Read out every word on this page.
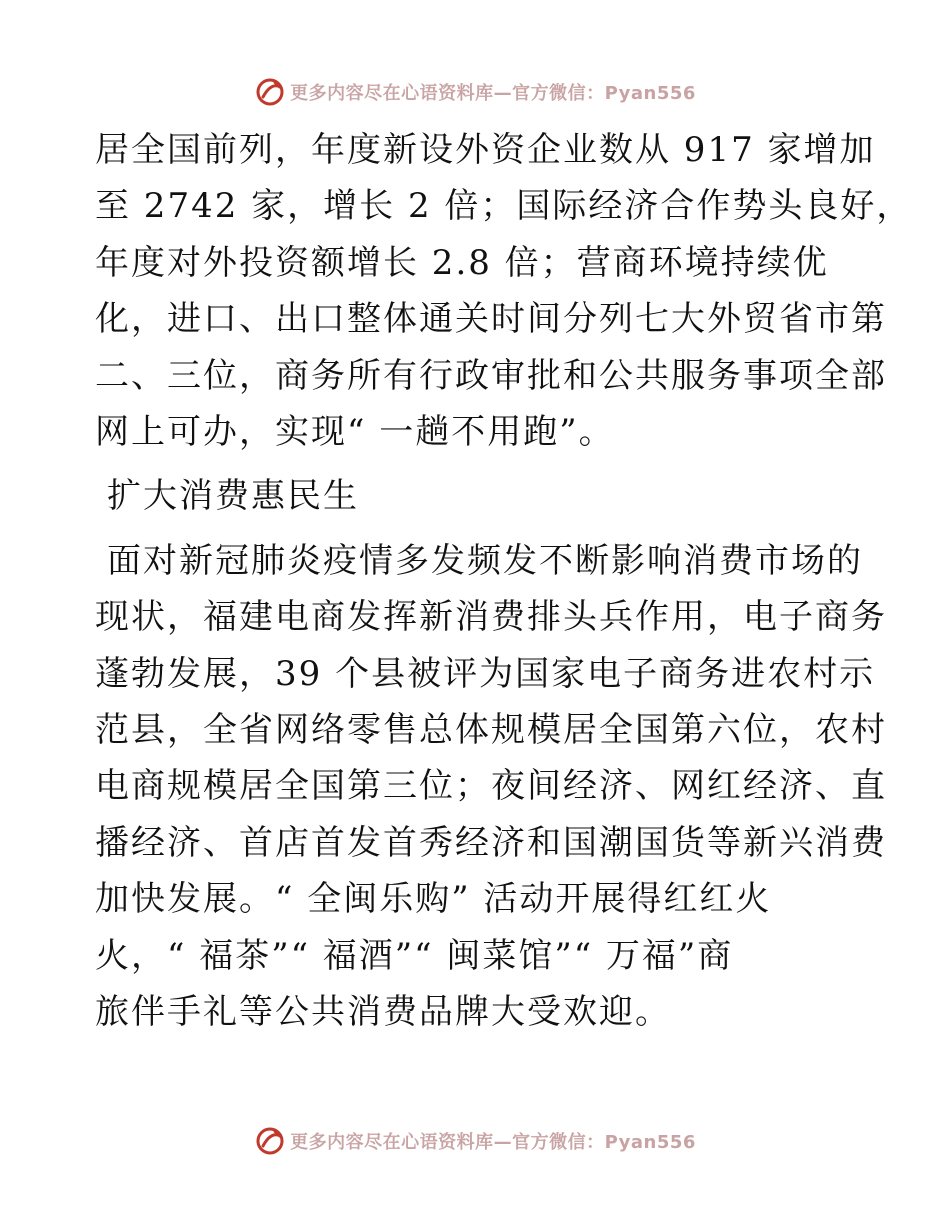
更多内容尽在心语资料库—官方微信：Pyan556

居全国前列，年度新设外资企业数从 917 家增加

至 2742 家，增长 2 倍；国际经济合作势头良好，

年度对外投资额增长 2.8 倍；营商环境持续优

化，进口、出口整体通关时间分列七大外贸省市第

二、三位，商务所有行政审批和公共服务事项全部

网上可办，实现“ 一趟不用跑”。

扩大消费惠民生

面对新冠肺炎疫情多发频发不断影响消费市场的

现状，福建电商发挥新消费排头兵作用，电子商务

蓬勃发展，39 个县被评为国家电子商务进农村示

范县，全省网络零售总体规模居全国第六位，农村

电商规模居全国第三位；夜间经济、网红经济、直

播经济、首店首发首秀经济和国潮国货等新兴消费

加快发展。“ 全闽乐购” 活动开展得红红火

火，“ 福茶”“ 福酒”“ 闽菜馆”“ 万福”商

旅伴手礼等公共消费品牌大受欢迎。

更多内容尽在心语资料库—官方微信：Pyan556
